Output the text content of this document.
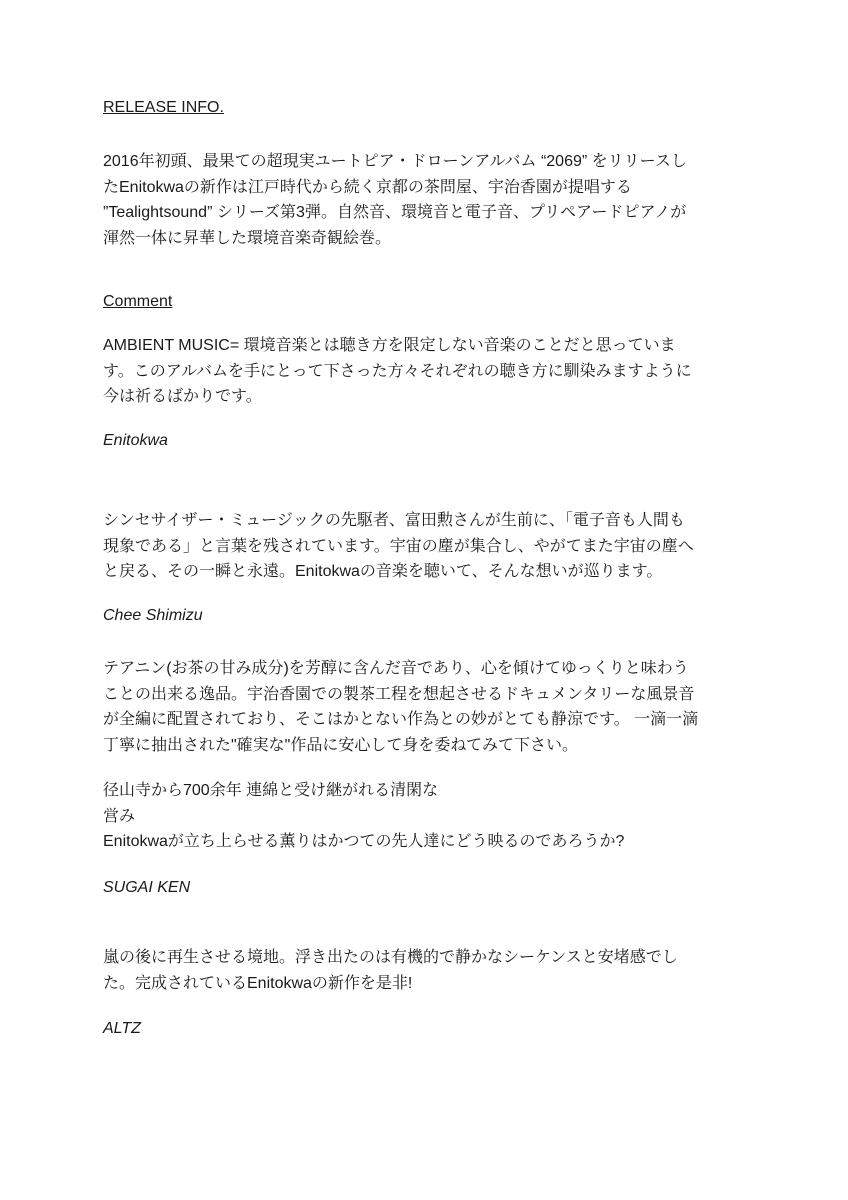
RELEASE INFO.

2016年初頭、最果ての超現実ユートピア・ドローンアルバム “2069” をリリースし
たEnitokwaの新作は江戸時代から続く京都の茶問屋、宇治香園が提唱する
”Tealightsound” シリーズ第3弾。自然音、環境音と電子音、プリペアードピアノが
渾然一体に昇華した環境音楽奇観絵巻。

Comment

AMBIENT MUSIC= 環境音楽とは聴き方を限定しない音楽のことだと思っていま
す。このアルバムを手にとって下さった方々それぞれの聴き方に馴染みますように
今は祈るばかりです。

Enitokwa

シンセサイザー・ミュージックの先駆者、富田勲さんが生前に、「電子音も人間も
現象である」と言葉を残されています。宇宙の塵が集合し、やがてまた宇宙の塵へ
と戻る、その一瞬と永遠。Enitokwaの音楽を聴いて、そんな想いが巡ります。

Chee Shimizu

テアニン(お茶の甘み成分)を芳醇に含んだ音であり、心を傾けてゆっくりと味わう
ことの出来る逸品。宇治香園での製茶工程を想起させるドキュメンタリーな風景音
が全編に配置されており、そこはかとない作為との妙がとても静涼です。 一滴一滴
丁寧に抽出された"確実な"作品に安心して身を委ねてみて下さい。
径山寺から700余年 連綿と受け継がれる清閑な
営み
Enitokwaが立ち上らせる薫りはかつての先人達にどう映るのであろうか?

SUGAI KEN

嵐の後に再生させる境地。浮き出たのは有機的で静かなシーケンスと安堵感でし
た。完成されているEnitokwaの新作を是非!

ALTZ
